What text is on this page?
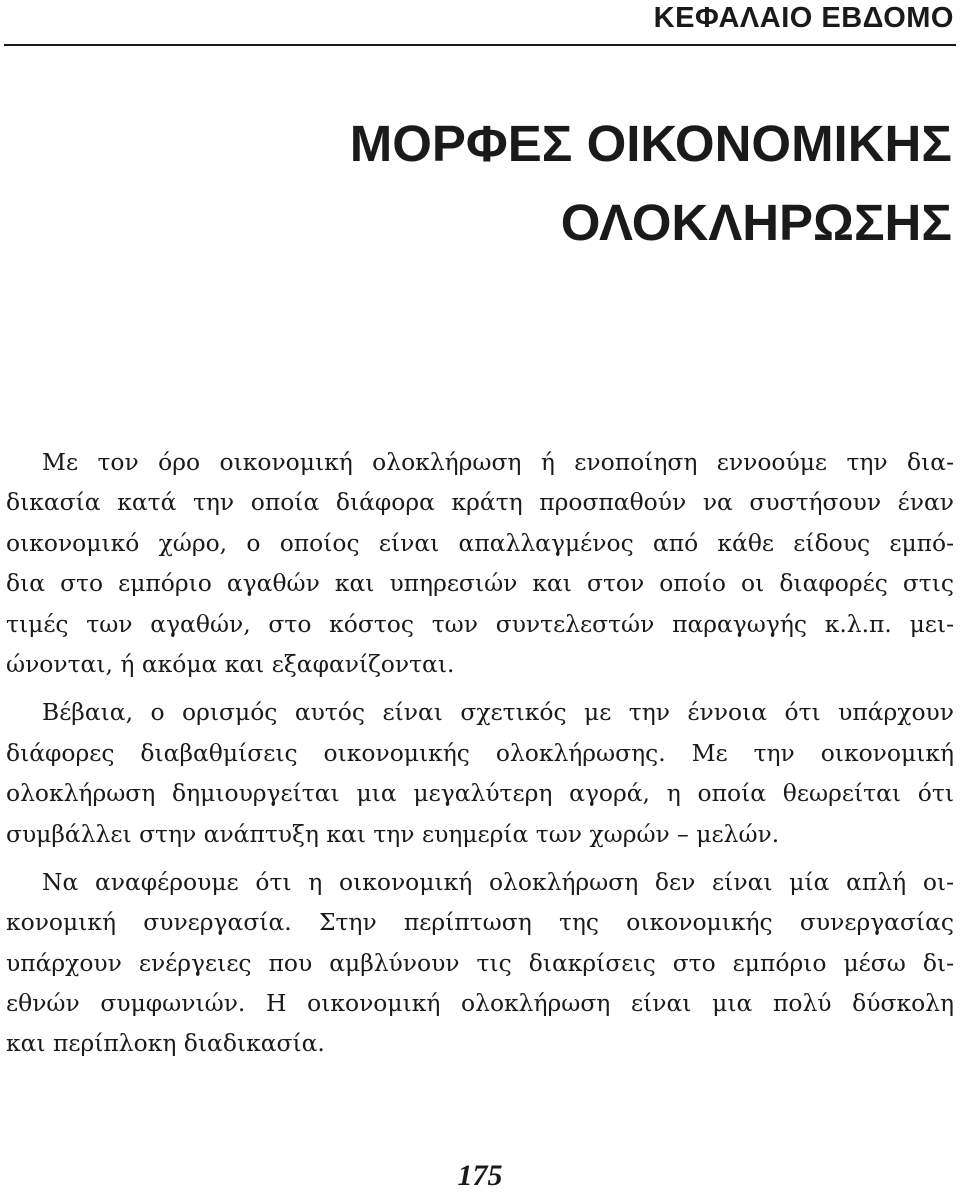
ΚΕΦΑΛΑΙΟ ΕΒΔΟΜΟ
ΜΟΡΦΕΣ ΟΙΚΟΝΟΜΙΚΗΣ
ΟΛΟΚΛΗΡΩΣΗΣ
Με τον όρο οικονομική ολοκλήρωση ή ενοποίηση εννοούμε την δια-
δικασία κατά την οποία διάφορα κράτη προσπαθούν να συστήσουν έναν
οικονομικό χώρο, ο οποίος είναι απαλλαγμένος από κάθε είδους εμπό-
δια στο εμπόριο αγαθών και υπηρεσιών και στον οποίο οι διαφορές στις
τιμές των αγαθών, στο κόστος των συντελεστών παραγωγής κ.λ.π. μει-
ώνονται, ή ακόμα και εξαφανίζονται.
Βέβαια, ο ορισμός αυτός είναι σχετικός με την έννοια ότι υπάρχουν
διάφορες διαβαθμίσεις οικονομικής ολοκλήρωσης. Με την οικονομική
ολοκλήρωση δημιουργείται μια μεγαλύτερη αγορά, η οποία θεωρείται ότι
συμβάλλει στην ανάπτυξη και την ευημερία των χωρών – μελών.
Να αναφέρουμε ότι η οικονομική ολοκλήρωση δεν είναι μία απλή οι-
κονομική συνεργασία. Στην περίπτωση της οικονομικής συνεργασίας
υπάρχουν ενέργειες που αμβλύνουν τις διακρίσεις στο εμπόριο μέσω δι-
εθνών συμφωνιών. Η οικονομική ολοκλήρωση είναι μια πολύ δύσκολη
και περίπλοκη διαδικασία.
175
